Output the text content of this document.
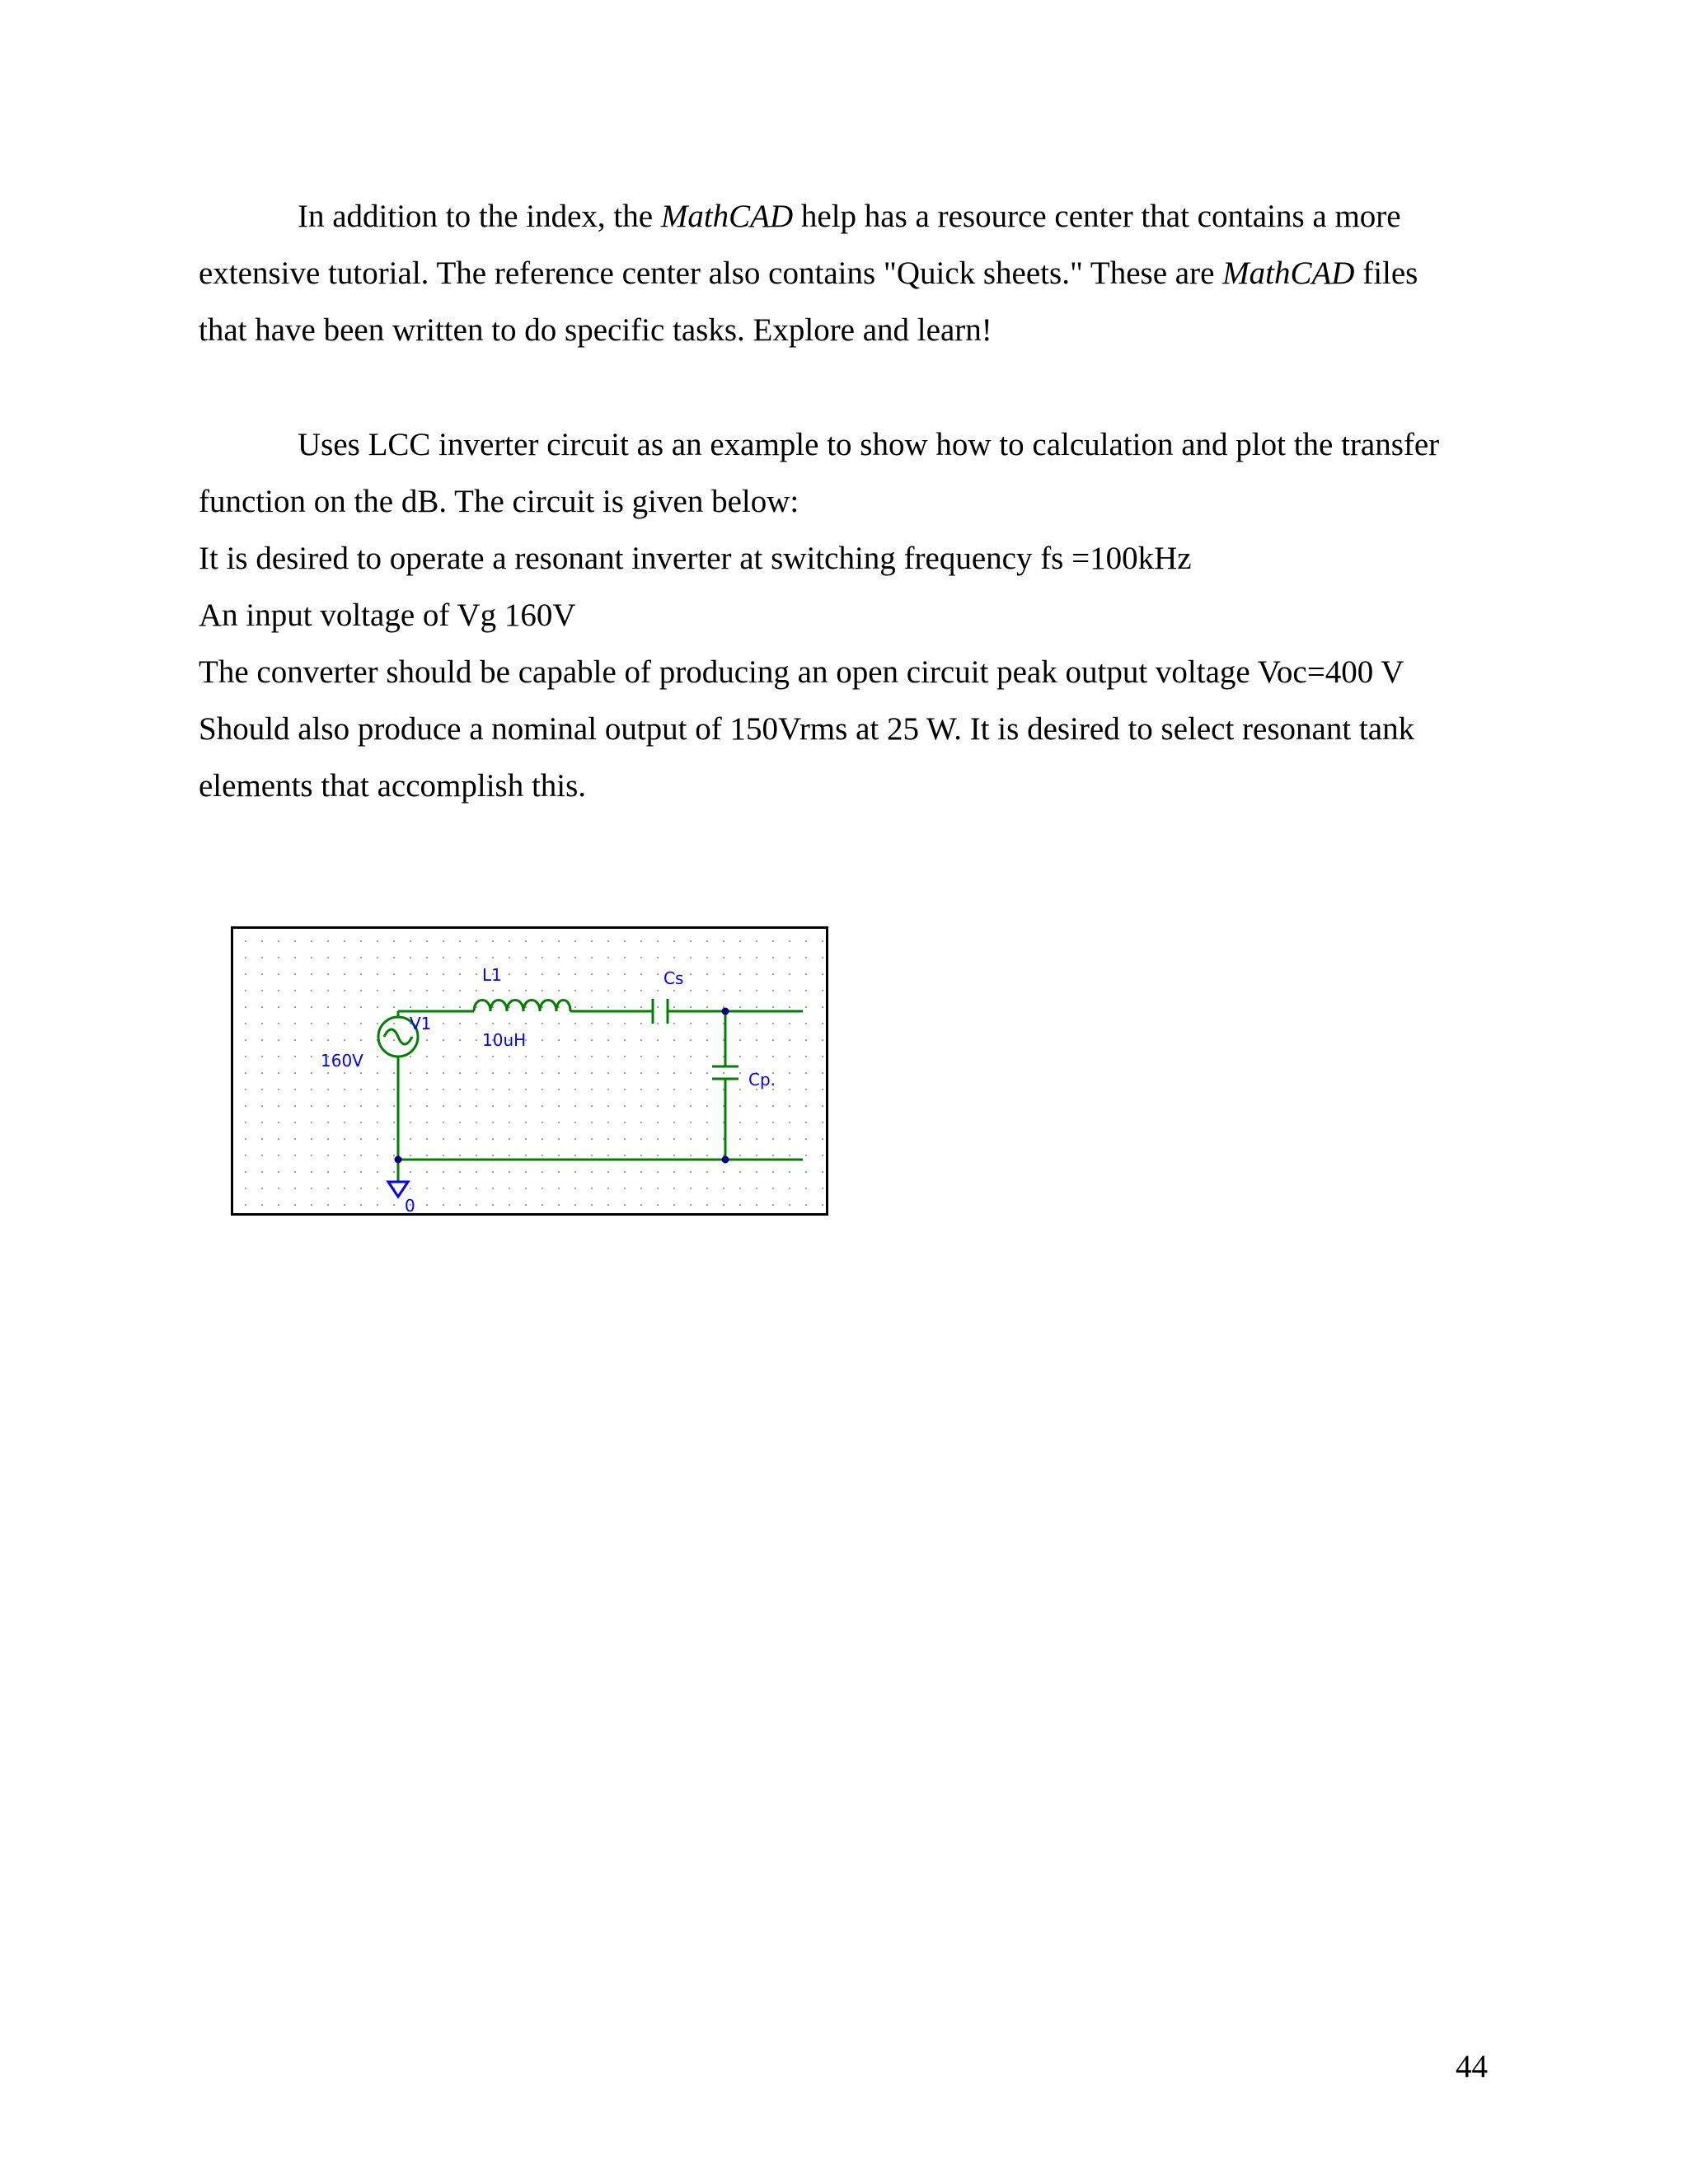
In addition to the index, the MathCAD help has a resource center that contains a more

extensive tutorial. The reference center also contains "Quick sheets." These are MathCAD files

that have been written to do specific tasks. Explore and learn!

Uses LCC inverter circuit as an example to show how to calculation and plot the transfer

function on the dB. The circuit is given below:

It is desired to operate a resonant inverter at switching frequency fs =100kHz

An input voltage of Vg 160V

The converter should be capable of producing an open circuit peak output voltage Voc=400 V

Should also produce a nominal output of 150Vrms at 25 W. It is desired to select resonant tank

elements that accomplish this.

L1
10uH
Cs
Cp.
V1
160V
0
44
